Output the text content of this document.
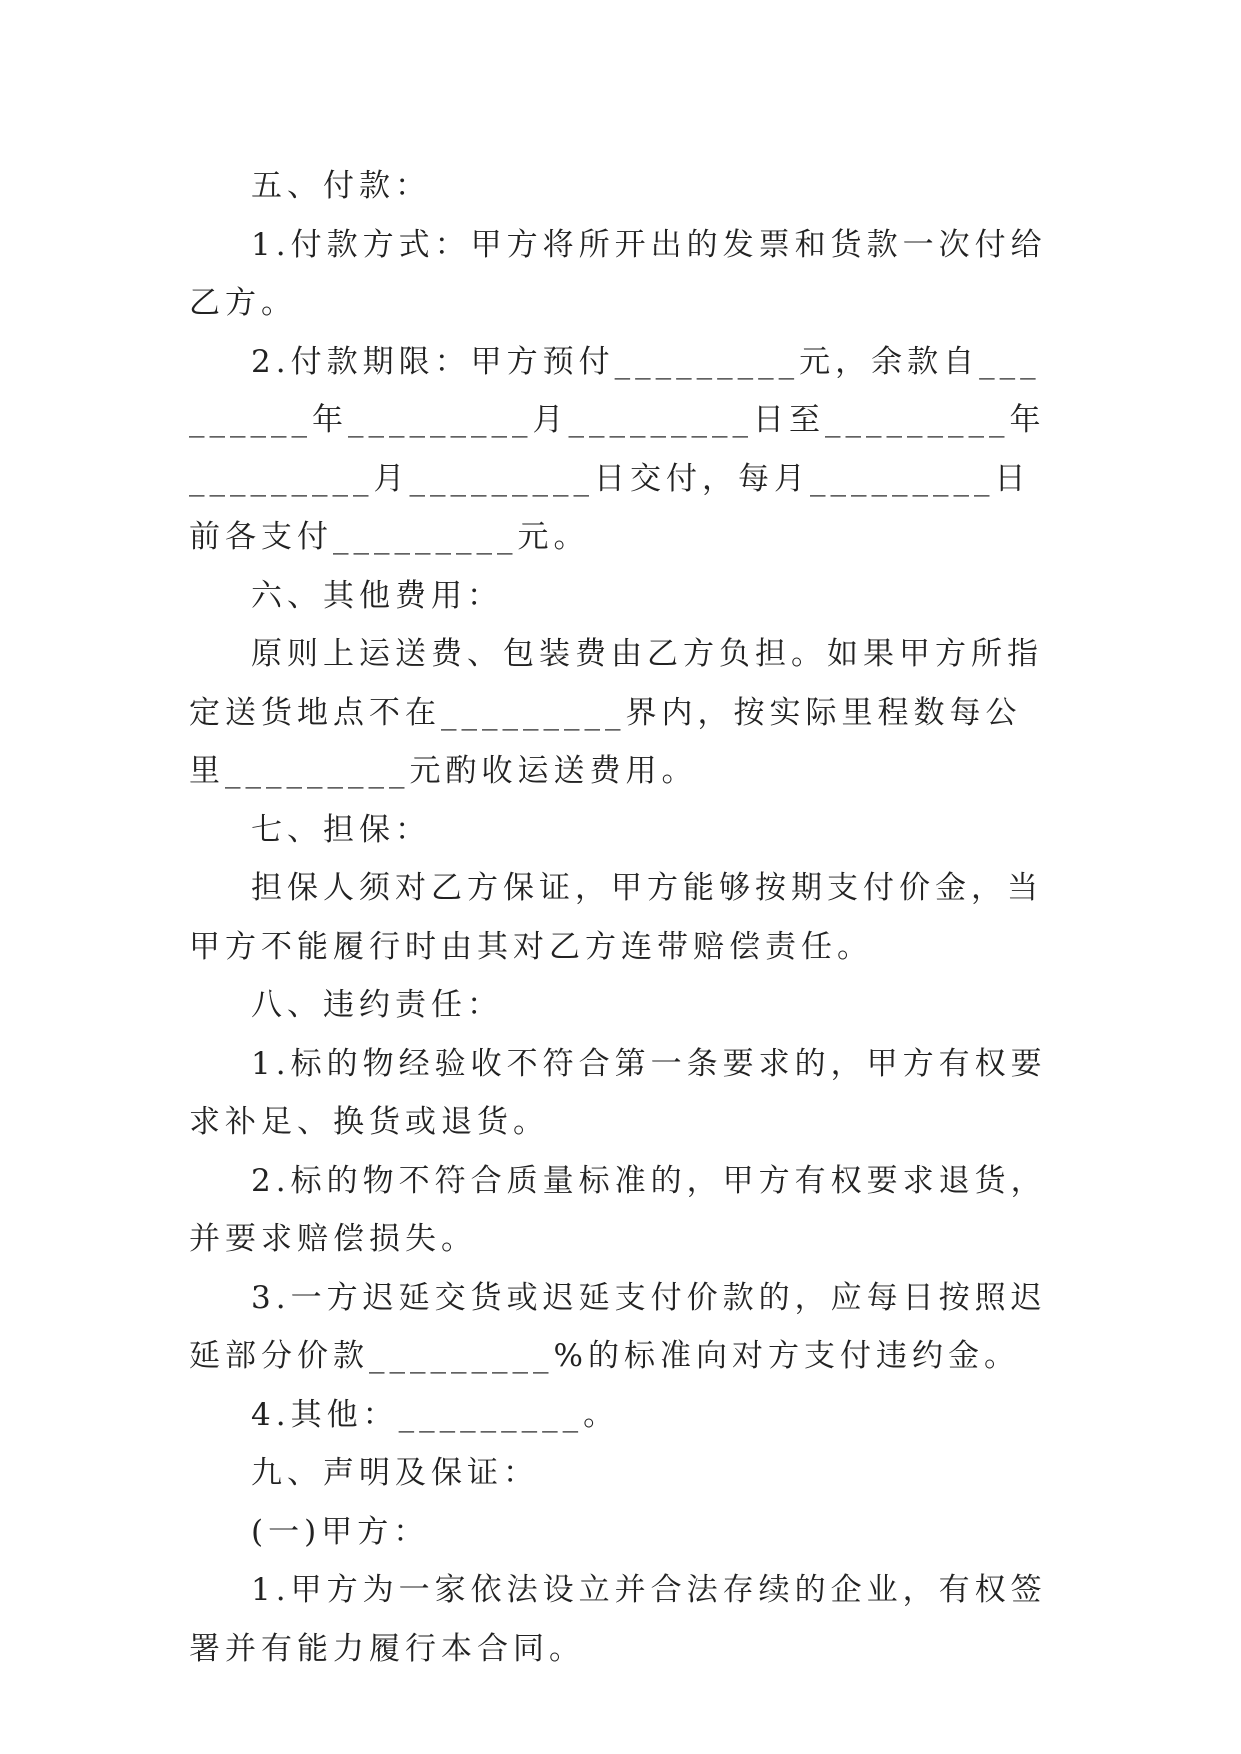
五、付款：

1.付款方式：甲方将所开出的发票和货款一次付给乙方。

2.付款期限：甲方预付_________元，余款自_________年_________月_________日至_________年_________月_________日交付，每月_________日前各支付_________元。

六、其他费用：

原则上运送费、包装费由乙方负担。如果甲方所指定送货地点不在_________界内，按实际里程数每公里_________元酌收运送费用。

七、担保：

担保人须对乙方保证，甲方能够按期支付价金，当甲方不能履行时由其对乙方连带赔偿责任。

八、违约责任：

1.标的物经验收不符合第一条要求的，甲方有权要求补足、换货或退货。

2.标的物不符合质量标准的，甲方有权要求退货，并要求赔偿损失。

3.一方迟延交货或迟延支付价款的，应每日按照迟延部分价款_________%的标准向对方支付违约金。

4.其他：_________。

九、声明及保证：

(一)甲方：

1.甲方为一家依法设立并合法存续的企业，有权签署并有能力履行本合同。
